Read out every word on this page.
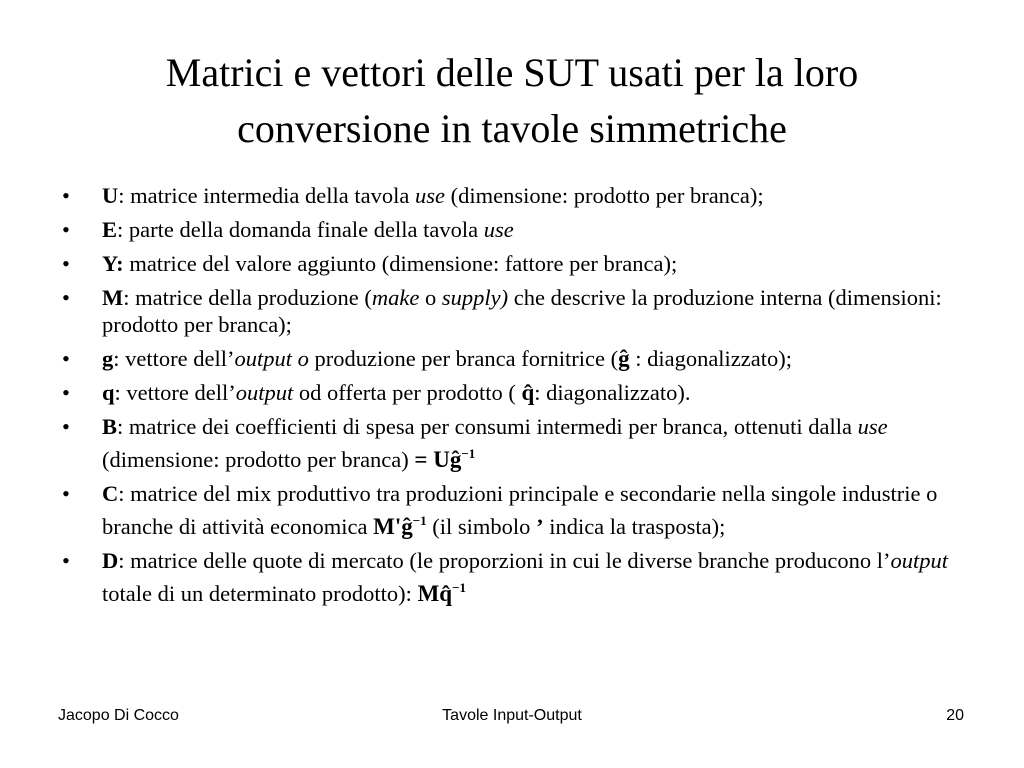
Matrici e vettori delle SUT usati per la loro
conversione in tavole simmetriche
• U: matrice intermedia della tavola use (dimensione: prodotto per branca);
• E: parte della domanda finale della tavola use
• Y: matrice del valore aggiunto (dimensione: fattore per branca);
• M: matrice della produzione (make o supply) che descrive la produzione interna (dimensioni: prodotto per branca);
• g: vettore dell’output o produzione per branca fornitrice (ĝ : diagonalizzato);
• q: vettore dell’output od offerta per prodotto ( q̂: diagonalizzato).
• B: matrice dei coefficienti di spesa per consumi intermedi per branca, ottenuti dalla use (dimensione: prodotto per branca) = $Uĝ^{-1}$
• C: matrice del mix produttivo tra produzioni principale e secondarie nella singole industrie o branche di attività economica $M'ĝ^{-1}$ (il simbolo ’ indica la trasposta);
• D: matrice delle quote di mercato (le proporzioni in cui le diverse branche producono l’output totale di un determinato prodotto): Mq̂$^{-1}$
Jacopo Di Cocco	Tavole Input-Output	20
